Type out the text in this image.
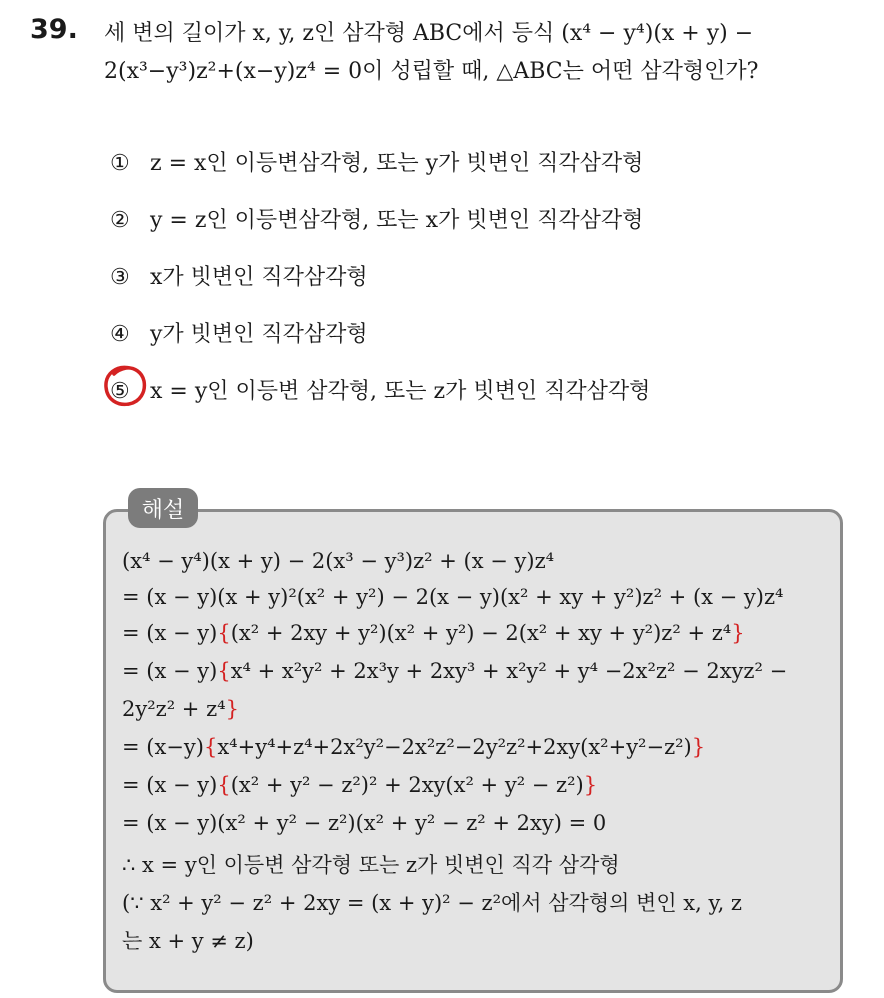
39. 세 변의 길이가 x, y, z인 삼각형 ABC에서 등식 (x⁴ − y⁴)(x + y) −
2(x³−y³)z²+(x−y)z⁴ = 0이 성립할 때, △ABC는 어떤 삼각형인가?
① z = x인 이등변삼각형, 또는 y가 빗변인 직각삼각형
② y = z인 이등변삼각형, 또는 x가 빗변인 직각삼각형
③ x가 빗변인 직각삼각형
④ y가 빗변인 직각삼각형
⑤ x = y인 이등변 삼각형, 또는 z가 빗변인 직각삼각형
해설
(x⁴ − y⁴)(x + y) − 2(x³ − y³)z² + (x − y)z⁴
= (x − y)(x + y)²(x² + y²) − 2(x − y)(x² + xy + y²)z² + (x − y)z⁴
= (x − y){(x² + 2xy + y²)(x² + y²) − 2(x² + xy + y²)z² + z⁴}
= (x − y){x⁴ + x²y² + 2x³y + 2xy³ + x²y² + y⁴ −2x²z² − 2xyz² −
2y²z² + z⁴}
= (x−y){x⁴+y⁴+z⁴+2x²y²−2x²z²−2y²z²+2xy(x²+y²−z²)}
= (x − y){(x² + y² − z²)² + 2xy(x² + y² − z²)}
= (x − y)(x² + y² − z²)(x² + y² − z² + 2xy) = 0
∴ x = y인 이등변 삼각형 또는 z가 빗변인 직각 삼각형
(∵ x² + y² − z² + 2xy = (x + y)² − z²에서 삼각형의 변인 x, y, z
는 x + y ≠ z)
